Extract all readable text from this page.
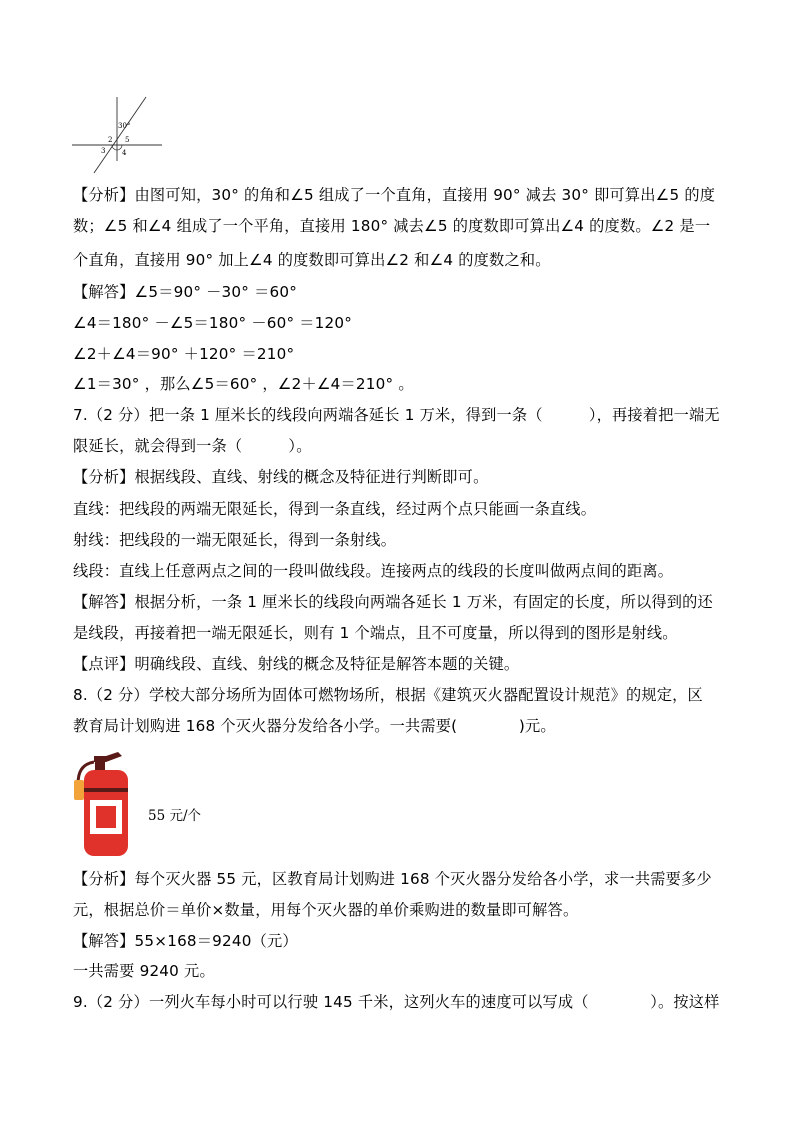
30°
2 5
3 4
【分析】由图可知，30° 的角和∠5 组成了一个直角，直接用 90° 减去 30° 即可算出∠5 的度
数；∠5 和∠4 组成了一个平角，直接用 180° 减去∠5 的度数即可算出∠4 的度数。∠2 是一
个直角，直接用 90° 加上∠4 的度数即可算出∠2 和∠4 的度数之和。
【解答】∠5＝90° －30° ＝60°
∠4＝180° －∠5＝180° －60° ＝120°
∠2＋∠4＝90° ＋120° ＝210°
∠1＝30° ，那么∠5＝60° ，∠2＋∠4＝210° 。
7.（2 分）把一条 1 厘米长的线段向两端各延长 1 万米，得到一条（　　　），再接着把一端无
限延长，就会得到一条（　　　）。
【分析】根据线段、直线、射线的概念及特征进行判断即可。
直线：把线段的两端无限延长，得到一条直线，经过两个点只能画一条直线。
射线：把线段的一端无限延长，得到一条射线。
线段：直线上任意两点之间的一段叫做线段。连接两点的线段的长度叫做两点间的距离。
【解答】根据分析，一条 1 厘米长的线段向两端各延长 1 万米，有固定的长度，所以得到的还
是线段，再接着把一端无限延长，则有 1 个端点，且不可度量，所以得到的图形是射线。
【点评】明确线段、直线、射线的概念及特征是解答本题的关键。
8.（2 分）学校大部分场所为固体可燃物场所，根据《建筑灭火器配置设计规范》的规定，区
教育局计划购进 168 个灭火器分发给各小学。一共需要(　　　　)元。
55 元/个
【分析】每个灭火器 55 元，区教育局计划购进 168 个灭火器分发给各小学，求一共需要多少
元，根据总价＝单价×数量，用每个灭火器的单价乘购进的数量即可解答。
【解答】55×168＝9240（元）
一共需要 9240 元。
9.（2 分）一列火车每小时可以行驶 145 千米，这列火车的速度可以写成（　　　　）。按这样
